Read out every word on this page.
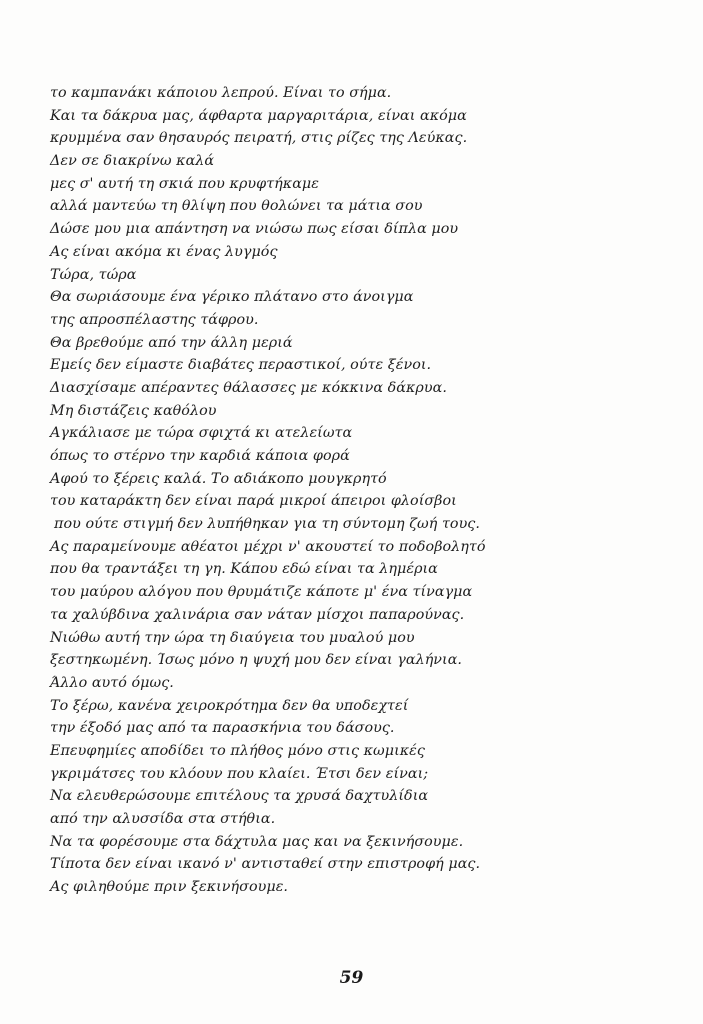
το καμπανάκι κάποιου λεπρού. Είναι το σήμα.
Και τα δάκρυα μας, άφθαρτα μαργαριτάρια, είναι ακόμα
κρυμμένα σαν θησαυρός πειρατή, στις ρίζες της Λεύκας.
Δεν σε διακρίνω καλά
μες σ' αυτή τη σκιά που κρυφτήκαμε
αλλά μαντεύω τη θλίψη που θολώνει τα μάτια σου
Δώσε μου μια απάντηση να νιώσω πως είσαι δίπλα μου
Ας είναι ακόμα κι ένας λυγμός
Τώρα, τώρα
Θα σωριάσουμε ένα γέρικο πλάτανο στο άνοιγμα
της απροσπέλαστης τάφρου.
Θα βρεθούμε από την άλλη μεριά
Εμείς δεν είμαστε διαβάτες περαστικοί, ούτε ξένοι.
Διασχίσαμε απέραντες θάλασσες με κόκκινα δάκρυα.
Μη διστάζεις καθόλου
Αγκάλιασε με τώρα σφιχτά κι ατελείωτα
όπως το στέρνο την καρδιά κάποια φορά
Αφού το ξέρεις καλά. Το αδιάκοπο μουγκρητό
του καταράκτη δεν είναι παρά μικροί άπειροι φλοίσβοι
που ούτε στιγμή δεν λυπήθηκαν για τη σύντομη ζωή τους.
Ας παραμείνουμε αθέατοι μέχρι ν' ακουστεί το ποδοβολητό
που θα τραντάξει τη γη. Κάπου εδώ είναι τα λημέρια
του μαύρου αλόγου που θρυμάτιζε κάποτε μ' ένα τίναγμα
τα χαλύβδινα χαλινάρια σαν νάταν μίσχοι παπαρούνας.
Νιώθω αυτή την ώρα τη διαύγεια του μυαλού μου
ξεστηκωμένη. Ίσως μόνο η ψυχή μου δεν είναι γαλήνια.
Άλλο αυτό όμως.
Το ξέρω, κανένα χειροκρότημα δεν θα υποδεχτεί
την έξοδό μας από τα παρασκήνια του δάσους.
Επευφημίες αποδίδει το πλήθος μόνο στις κωμικές
γκριμάτσες του κλόουν που κλαίει. Έτσι δεν είναι;
Να ελευθερώσουμε επιτέλους τα χρυσά δαχτυλίδια
από την αλυσσίδα στα στήθια.
Να τα φορέσουμε στα δάχτυλα μας και να ξεκινήσουμε.
Τίποτα δεν είναι ικανό ν' αντισταθεί στην επιστροφή μας.
Ας φιληθούμε πριν ξεκινήσουμε.
59
